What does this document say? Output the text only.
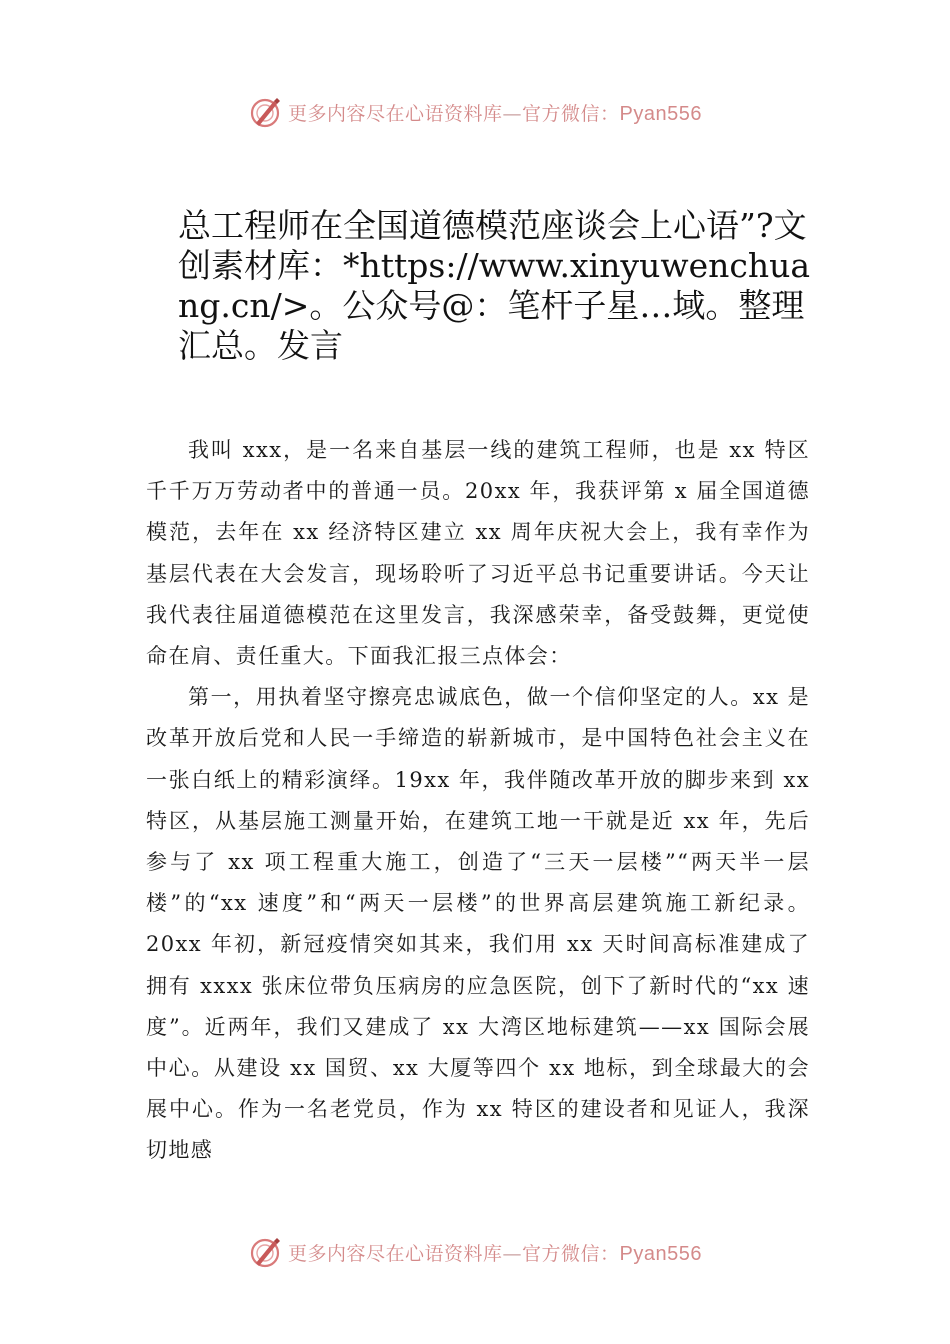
更多内容尽在心语资料库—官方微信：Pyan556
总工程师在全国道德模范座谈会上心语”?文创素材库：*https://www.xinyuwenchuang.cn/>。公众号@：笔杆子星…域。整理汇总。发言

我叫 xxx，是一名来自基层一线的建筑工程师，也是 xx 特区千千万万劳动者中的普通一员。20xx 年，我获评第 x 届全国道德模范，去年在 xx 经济特区建立 xx 周年庆祝大会上，我有幸作为基层代表在大会发言，现场聆听了习近平总书记重要讲话。今天让我代表往届道德模范在这里发言，我深感荣幸，备受鼓舞，更觉使命在肩、责任重大。下面我汇报三点体会：

第一，用执着坚守擦亮忠诚底色，做一个信仰坚定的人。xx 是改革开放后党和人民一手缔造的崭新城市，是中国特色社会主义在一张白纸上的精彩演绎。19xx 年，我伴随改革开放的脚步来到 xx 特区，从基层施工测量开始，在建筑工地一干就是近 xx 年，先后参与了 xx 项工程重大施工，创造了“三天一层楼”“两天半一层楼”的“xx 速度”和“两天一层楼”的世界高层建筑施工新纪录。20xx 年初，新冠疫情突如其来，我们用 xx 天时间高标准建成了拥有 xxxx 张床位带负压病房的应急医院，创下了新时代的“xx 速度”。近两年，我们又建成了 xx 大湾区地标建筑——xx 国际会展中心。从建设 xx 国贸、xx 大厦等四个 xx 地标，到全球最大的会展中心。作为一名老党员，作为 xx 特区的建设者和见证人，我深切地感

更多内容尽在心语资料库—官方微信：Pyan556
